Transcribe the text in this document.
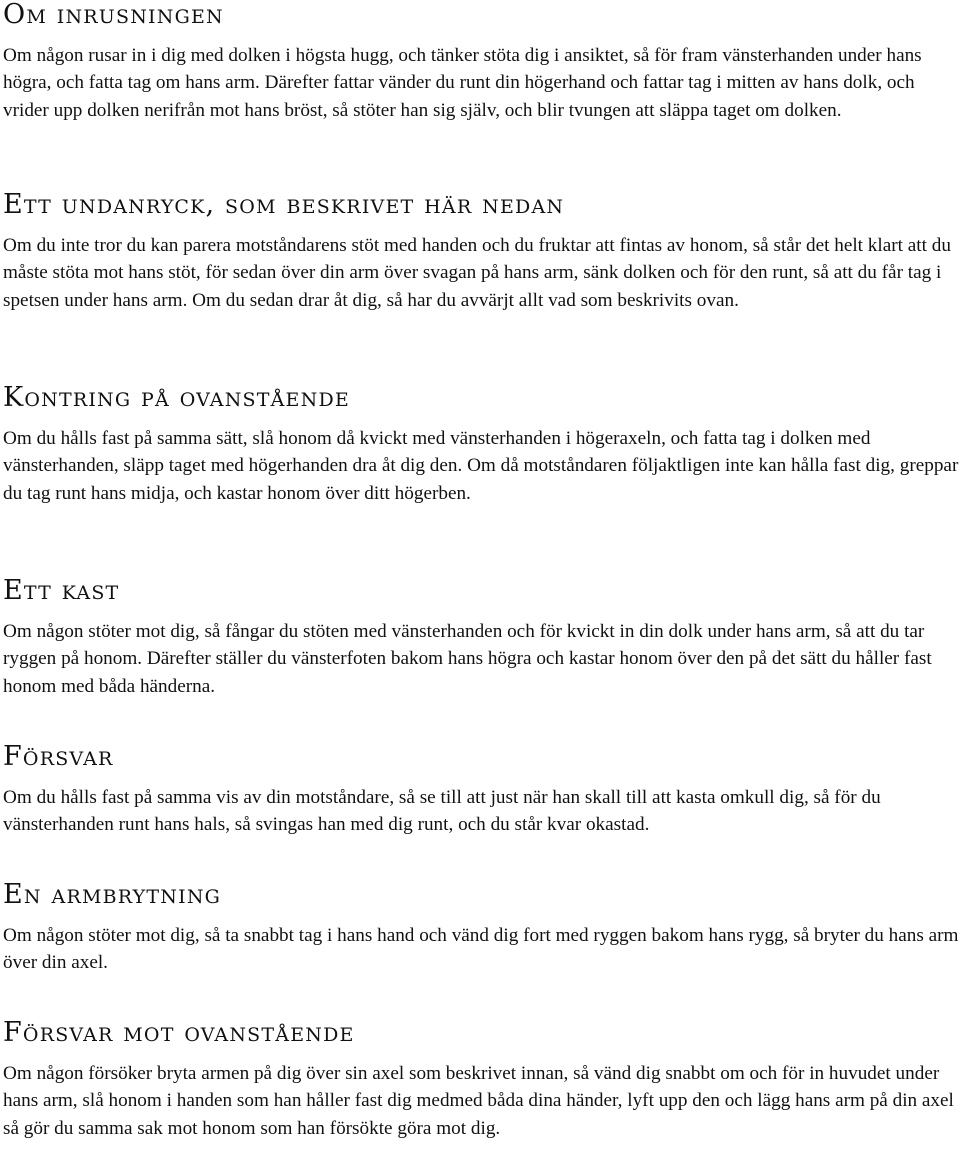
Om inrusningen

Om någon rusar in i dig med dolken i högsta hugg, och tänker stöta dig i ansiktet, så för fram vänsterhanden under hans högra, och fatta tag om hans arm. Därefter fattar vänder du runt din högerhand och fattar tag i mitten av hans dolk, och vrider upp dolken nerifrån mot hans bröst, så stöter han sig själv, och blir tvungen att släppa taget om dolken.

Ett undanryck, som beskrivet här nedan

Om du inte tror du kan parera motståndarens stöt med handen och du fruktar att fintas av honom, så står det helt klart att du måste stöta mot hans stöt, för sedan över din arm över svagan på hans arm, sänk dolken och för den runt, så att du får tag i spetsen under hans arm. Om du sedan drar åt dig, så har du avvärjt allt vad som beskrivits ovan.

Kontring på ovanstående

Om du hålls fast på samma sätt, slå honom då kvickt med vänsterhanden i högeraxeln, och fatta tag i dolken med vänsterhanden, släpp taget med högerhanden dra åt dig den. Om då motståndaren följaktligen inte kan hålla fast dig, greppar du tag runt hans midja, och kastar honom över ditt högerben.

Ett kast

Om någon stöter mot dig, så fångar du stöten med vänsterhanden och för kvickt in din dolk under hans arm, så att du tar ryggen på honom. Därefter ställer du vänsterfoten bakom hans högra och kastar honom över den på det sätt du håller fast honom med båda händerna.

Försvar

Om du hålls fast på samma vis av din motståndare, så se till att just när han skall till att kasta omkull dig, så för du vänsterhanden runt hans hals, så svingas han med dig runt, och du står kvar okastad.

En armbrytning

Om någon stöter mot dig, så ta snabbt tag i hans hand och vänd dig fort med ryggen bakom hans rygg, så bryter du hans arm över din axel.

Försvar mot ovanstående

Om någon försöker bryta armen på dig över sin axel som beskrivet innan, så vänd dig snabbt om och för in huvudet under hans arm, slå honom i handen som han håller fast dig medmed båda dina händer, lyft upp den och lägg hans arm på din axel så gör du samma sak mot honom som han försökte göra mot dig.
